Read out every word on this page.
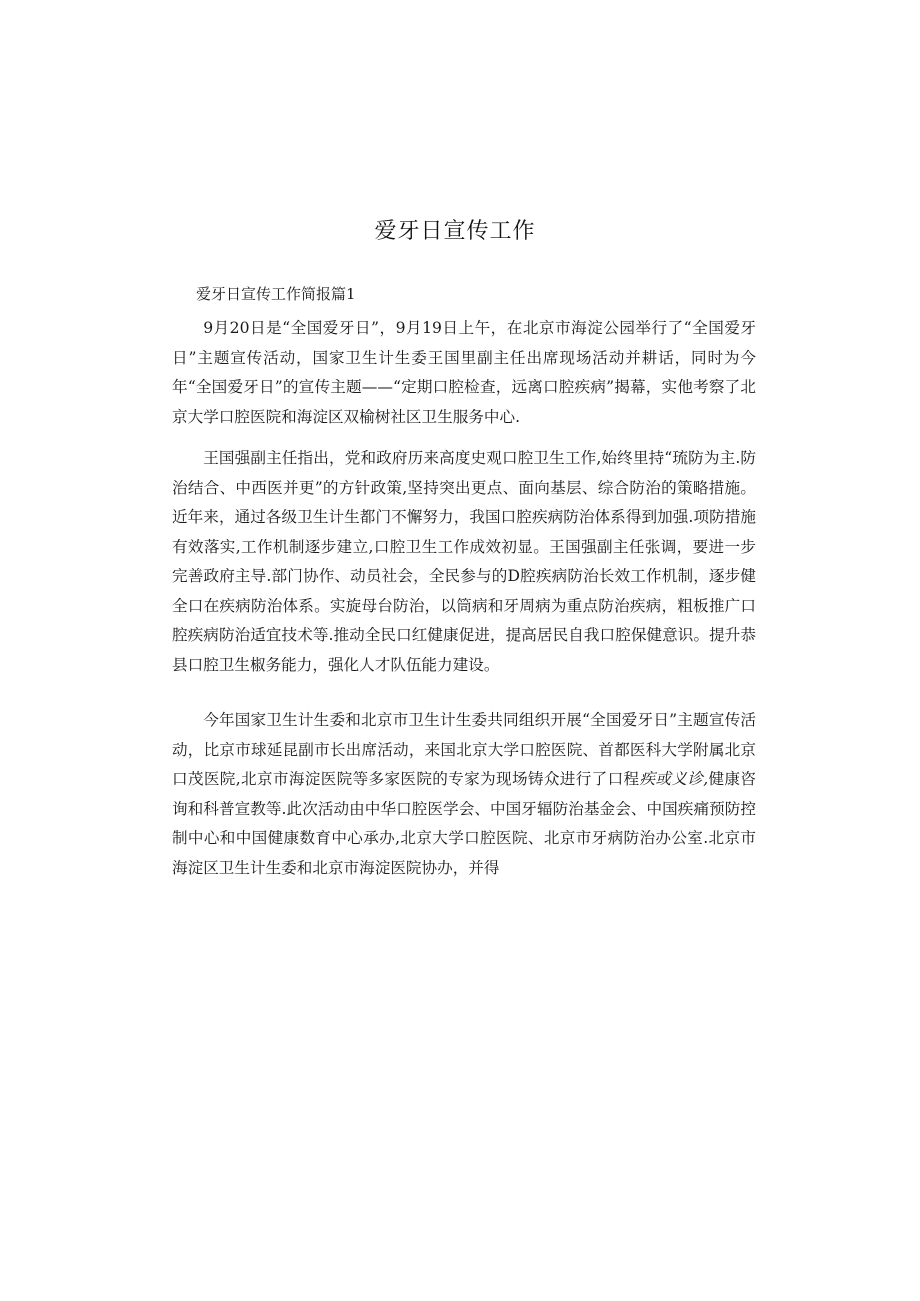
爱牙日宣传工作

爱牙日宣传工作简报篇1

9月20日是“全国爱牙日”，9月19日上午，在北京市海淀公园举行了“全国爱牙日”主题宣传活动，国家卫生计生委王国里副主任出席现场活动并耕话，同时为今年“全国爱牙日”的宣传主题——“定期口腔检查，远离口腔疾病”揭幕，实他考察了北京大学口腔医院和海淀区双榆树社区卫生服务中心.

王国强副主任指出，党和政府历来高度史观口腔卫生工作,始终里持“琉防为主.防治结合、中西医并更”的方针政策,坚持突出更点、面向基层、综合防治的策略措施。近年来，通过各级卫生计生都门不懈努力，我国口腔疾病防治体系得到加强.项防措施有效落实,工作机制逐步建立,口腔卫生工作成效初显。王国强副主任张调，要进一步完善政府主导.部门协作、动员社会，全民参与的D腔疾病防治长效工作机制，逐步健全口在疾病防治体系。实旋母台防治，以筒病和牙周病为重点防治疾病，粗板推广口腔疾病防治适宜技术等.推动全民口红健康促进，提高居民自我口腔保健意识。提升恭县口腔卫生椒务能力，强化人才队伍能力建设。

今年国家卫生计生委和北京市卫生计生委共同组织开展“全国爱牙日”主题宣传活动，比京市球延昆副市长出席活动，来国北京大学口腔医院、首都医科大学附属北京口茂医院,北京市海淀医院等多家医院的专家为现场铸众进行了口程疾或义诊,健康咨询和科普宣教等.此次活动由中华口腔医学会、中国牙辐防治基金会、中国疾痛预防控制中心和中国健康数育中心承办,北京大学口腔医院、北京市牙病防治办公室.北京市海淀区卫生计生委和北京市海淀医院协办，并得
